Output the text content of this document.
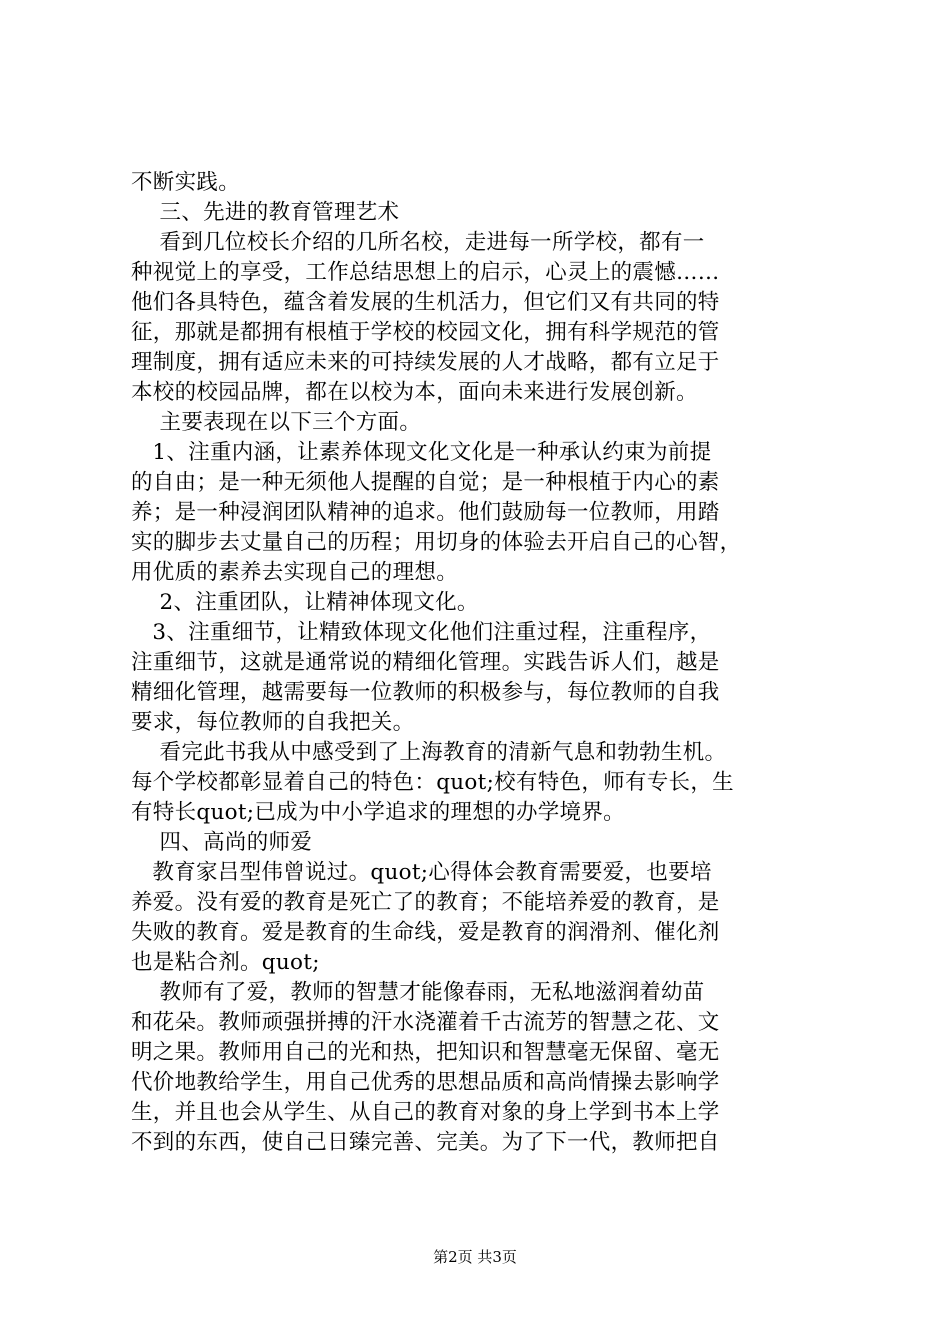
不断实践。
三、先进的教育管理艺术
看到几位校长介绍的几所名校，走进每一所学校，都有一
种视觉上的享受，工作总结思想上的启示，心灵上的震憾……
他们各具特色，蕴含着发展的生机活力，但它们又有共同的特
征，那就是都拥有根植于学校的校园文化，拥有科学规范的管
理制度，拥有适应未来的可持续发展的人才战略，都有立足于
本校的校园品牌，都在以校为本，面向未来进行发展创新。
主要表现在以下三个方面。
1、注重内涵，让素养体现文化文化是一种承认约束为前提
的自由；是一种无须他人提醒的自觉；是一种根植于内心的素
养；是一种浸润团队精神的追求。他们鼓励每一位教师，用踏
实的脚步去丈量自己的历程；用切身的体验去开启自己的心智，
用优质的素养去实现自己的理想。
2、注重团队，让精神体现文化。
3、注重细节，让精致体现文化他们注重过程，注重程序，
注重细节，这就是通常说的精细化管理。实践告诉人们，越是
精细化管理，越需要每一位教师的积极参与，每位教师的自我
要求，每位教师的自我把关。
看完此书我从中感受到了上海教育的清新气息和勃勃生机。
每个学校都彰显着自己的特色：quot;校有特色，师有专长，生
有特长quot;已成为中小学追求的理想的办学境界。
四、高尚的师爱
教育家吕型伟曾说过。quot;心得体会教育需要爱，也要培
养爱。没有爱的教育是死亡了的教育；不能培养爱的教育，是
失败的教育。爱是教育的生命线，爱是教育的润滑剂、催化剂
也是粘合剂。quot;
教师有了爱，教师的智慧才能像春雨，无私地滋润着幼苗
和花朵。教师顽强拼搏的汗水浇灌着千古流芳的智慧之花、文
明之果。教师用自己的光和热，把知识和智慧毫无保留、毫无
代价地教给学生，用自己优秀的思想品质和高尚情操去影响学
生，并且也会从学生、从自己的教育对象的身上学到书本上学
不到的东西，使自己日臻完善、完美。为了下一代，教师把自
第2页 共3页
